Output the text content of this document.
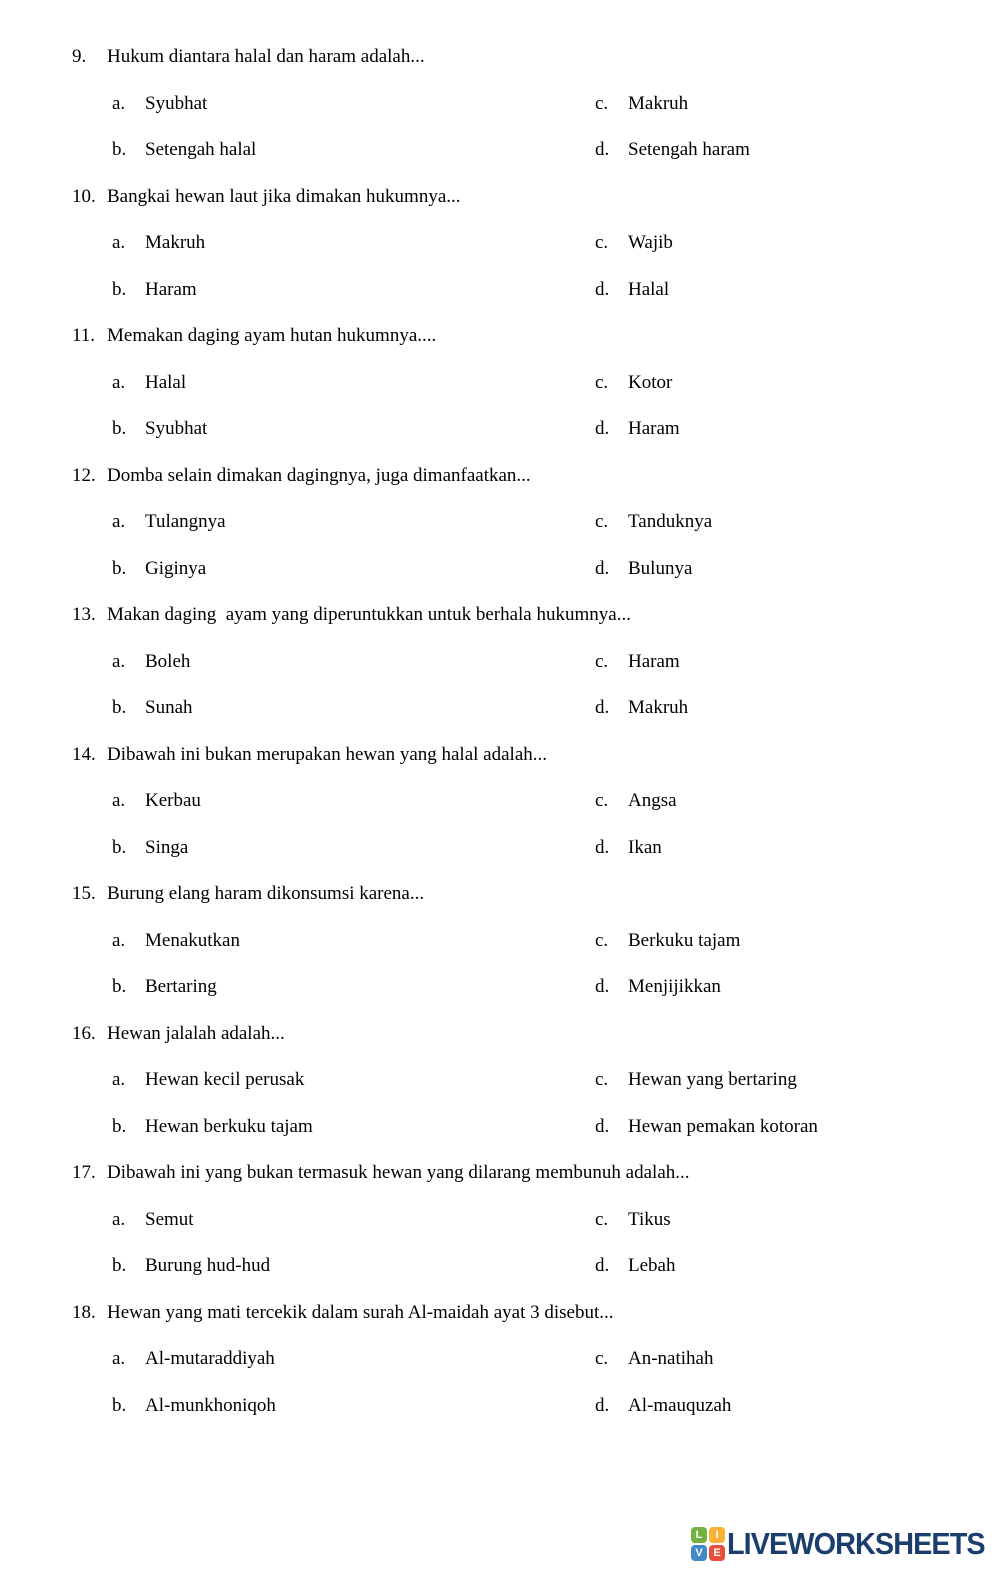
9.	Hukum diantara halal dan haram adalah...
a.	Syubhat
b. Setengah halal
c.	Makruh
d. Setengah haram
10. Bangkai hewan laut jika dimakan hukumnya...
a.	Makruh
b. Haram
c.	Wajib
d. Halal
11. Memakan daging ayam hutan hukumnya....
a.	Halal
b. Syubhat
c.	Kotor
d. Haram
12. Domba selain dimakan dagingnya, juga dimanfaatkan...
a.	Tulangnya
b. Giginya
c.	Tanduknya
d. Bulunya
13. Makan daging  ayam yang diperuntukkan untuk berhala hukumnya...
a.	Boleh
b. Sunah
c.	Haram
d. Makruh
14. Dibawah ini bukan merupakan hewan yang halal adalah...
a.	Kerbau
b. Singa
c.	Angsa
d. Ikan
15. Burung elang haram dikonsumsi karena...
a.	Menakutkan
b. Bertaring
c.	Berkuku tajam
d. Menjijikkan
16. Hewan jalalah adalah...
a.	Hewan kecil perusak
b. Hewan berkuku tajam
c.	Hewan yang bertaring
d. Hewan pemakan kotoran
17. Dibawah ini yang bukan termasuk hewan yang dilarang membunuh adalah...
a.	Semut
b. Burung hud-hud
c.	Tikus
d. Lebah
18. Hewan yang mati tercekik dalam surah Al-maidah ayat 3 disebut...
a.	Al-mutaraddiyah
b. Al-munkhoniqoh
c.	An-natihah
d. Al-mauquzah
L	I
V E LIVEWORKSHEETS
